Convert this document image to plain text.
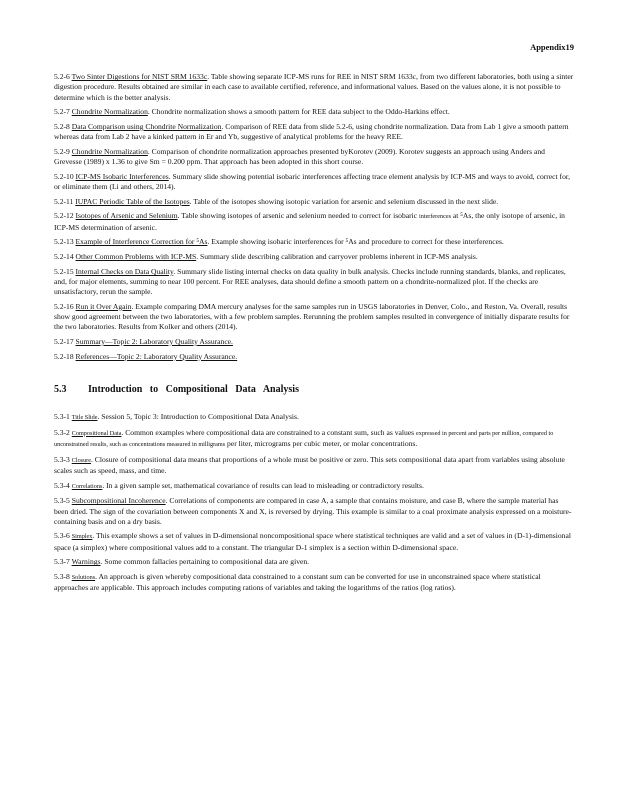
Appendix19
5.2-6 Two Sinter Digestions for NIST SRM 1633c. Table showing separate ICP-MS runs for REE in NIST SRM 1633c, from two different laboratories, both using a sinter digestion procedure. Results obtained are similar in each case to available certified, reference, and informational values. Based on the values alone, it is not possible to determine which is the better analysis.
5.2-7 Chondrite Normalization. Chondrite normalization shows a smooth pattern for REE data subject to the Oddo-Harkins effect.
5.2-8 Data Comparison using Chondrite Normalization. Comparison of REE data from slide 5.2-6, using chondrite normalization. Data from Lab 1 give a smooth pattern whereas data from Lab 2 have a kinked pattern in Er and Yb, suggestive of analytical problems for the heavy REE.
5.2-9 Chondrite Normalization. Comparison of chondrite normalization approaches presented byKorotev (2009). Korotev suggests an approach using Anders and Grevesse (1989) x 1.36 to give Sm = 0.200 ppm. That approach has been adopted in this short course.
5.2-10 ICP-MS Isobaric Interferences. Summary slide showing potential isobaric interferences affecting trace element analysis by ICP-MS and ways to avoid, correct for, or eliminate them (Li and others, 2014).
5.2-11 IUPAC Periodic Table of the Isotopes. Table of the isotopes showing isotopic variation for arsenic and selenium discussed in the next slide.
5.2-12 Isotopes of Arsenic and Selenium. Table showing isotopes of arsenic and selenium needed to correct for isobaric interferences at ⁵As, the only isotope of arsenic, in ICP-MS determination of arsenic.
5.2-13 Example of Interference Correction for ⁵As. Example showing isobaric interferences for ⁵As and procedure to correct for these interferences.
5.2-14 Other Common Problems with ICP-MS. Summary slide describing calibration and carryover problems inherent in ICP-MS analysis.
5.2-15 Internal Checks on Data Quality. Summary slide listing internal checks on data quality in bulk analysis. Checks include running standards, blanks, and replicates, and, for major elements, summing to near 100 percent. For REE analyses, data should define a smooth pattern on a chondrite-normalized plot. If the checks are unsatisfactory, rerun the sample.
5.2-16 Run it Over Again. Example comparing DMA mercury analyses for the same samples run in USGS laboratories in Denver, Colo., and Reston, Va. Overall, results show good agreement between the two laboratories, with a few problem samples. Rerunning the problem samples resulted in convergence of initially disparate results for the two laboratories. Results from Kolker and others (2014).
5.2-17 Summary—Topic 2: Laboratory Quality Assurance.
5.2-18 References—Topic 2: Laboratory Quality Assurance.
5.3 Introduction to Compositional Data Analysis
5.3-1 Title Slide. Session 5, Topic 3: Introduction to Compositional Data Analysis.
5.3-2 Compositional Data. Common examples where compositional data are constrained to a constant sum, such as values expressed in percent and parts per million, compared to unconstrained results, such as concentrations measured in milligrams per liter, micrograms per cubic meter, or molar concentrations.
5.3-3 Closure. Closure of compositional data means that proportions of a whole must be positive or zero. This sets compositional data apart from variables using absolute scales such as speed, mass, and time.
5.3-4 Correlations. In a given sample set, mathematical covariance of results can lead to misleading or contradictory results.
5.3-5 Subcompositional Incoherence. Correlations of components are compared in case A, a sample that contains moisture, and case B, where the sample material has been dried. The sign of the covariation between components X and X, is reversed by drying. This example is similar to a coal proximate analysis expressed on a moisture-containing basis and on a dry basis.
5.3-6 Simplex. This example shows a set of values in D-dimensional noncompositional space where statistical techniques are valid and a set of values in (D-1)-dimensional space (a simplex) where compositional values add to a constant. The triangular D-1 simplex is a section within D-dimensional space.
5.3-7 Warnings. Some common fallacies pertaining to compositional data are given.
5.3-8 Solutions. An approach is given whereby compositional data constrained to a constant sum can be converted for use in unconstrained space where statistical approaches are applicable. This approach includes computing rations of variables and taking the logarithms of the ratios (log ratios).
